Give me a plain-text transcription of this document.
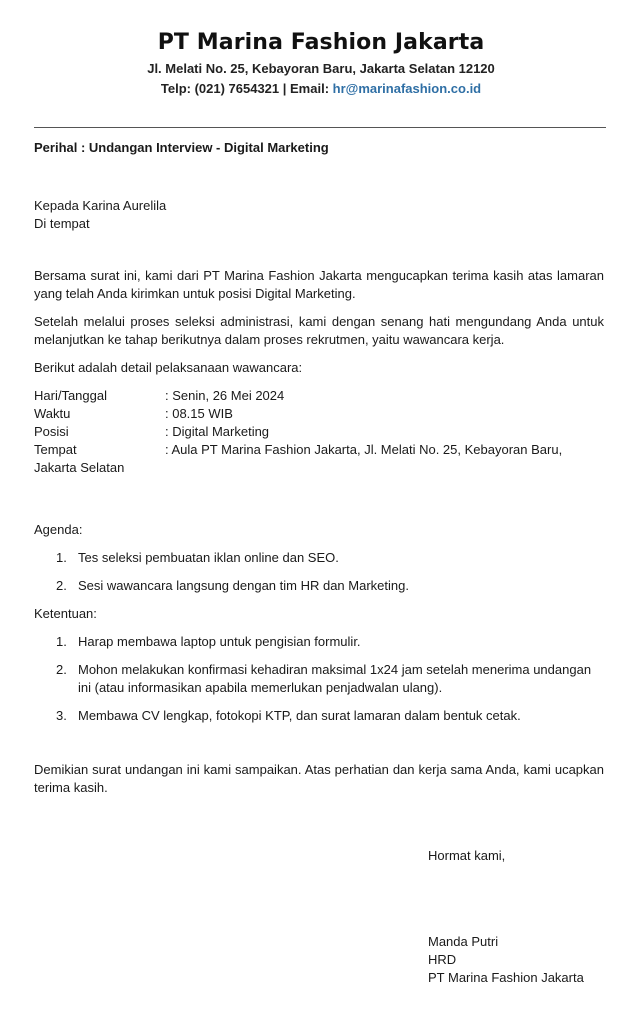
PT Marina Fashion Jakarta
Jl. Melati No. 25, Kebayoran Baru, Jakarta Selatan 12120
Telp: (021) 7654321 | Email: hr@marinafashion.co.id
Perihal : Undangan Interview - Digital Marketing

Kepada Karina Aurelila

Di tempat

Bersama surat ini, kami dari PT Marina Fashion Jakarta mengucapkan terima kasih atas lamaran yang telah Anda kirimkan untuk posisi Digital Marketing.

Setelah melalui proses seleksi administrasi, kami dengan senang hati mengundang Anda untuk melanjutkan ke tahap berikutnya dalam proses rekrutmen, yaitu wawancara kerja.

Berikut adalah detail pelaksanaan wawancara:

Hari/Tanggal	: Senin, 26 Mei 2024
Waktu	: 08.15 WIB
Posisi	: Digital Marketing
Tempat	: Aula PT Marina Fashion Jakarta, Jl. Melati No. 25, Kebayoran Baru,
Jakarta Selatan

Agenda:

1. Tes seleksi pembuatan iklan online dan SEO.
2. Sesi wawancara langsung dengan tim HR dan Marketing.

Ketentuan:

1. Harap membawa laptop untuk pengisian formulir.
2. Mohon melakukan konfirmasi kehadiran maksimal 1x24 jam setelah menerima undangan ini (atau informasikan apabila memerlukan penjadwalan ulang).
3. Membawa CV lengkap, fotokopi KTP, dan surat lamaran dalam bentuk cetak.

Demikian surat undangan ini kami sampaikan. Atas perhatian dan kerja sama Anda, kami ucapkan terima kasih.

Hormat kami,

Manda Putri

HRD

PT Marina Fashion Jakarta
